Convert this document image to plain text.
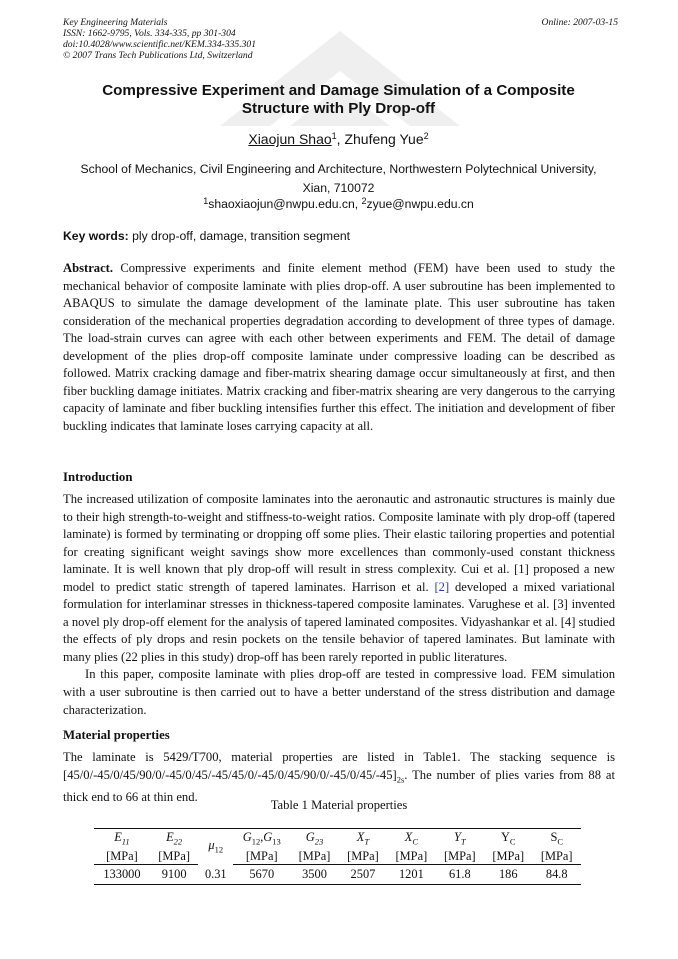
Key Engineering Materials
ISSN: 1662-9795, Vols. 334-335, pp 301-304
doi:10.4028/www.scientific.net/KEM.334-335.301
© 2007 Trans Tech Publications Ltd, Switzerland
Online: 2007-03-15
Compressive Experiment and Damage Simulation of a Composite
Structure with Ply Drop-off
Xiaojun Shao$^1$, Zhufeng Yue$^2$
School of Mechanics, Civil Engineering and Architecture, Northwestern Polytechnical University,
Xian, 710072
$^1$shaoxiaojun@nwpu.edu.cn, $^2$zyue@nwpu.edu.cn
Key words: ply drop-off, damage, transition segment
Abstract. Compressive experiments and finite element method (FEM) have been used to study the mechanical behavior of composite laminate with plies drop-off. A user subroutine has been implemented to ABAQUS to simulate the damage development of the laminate plate. This user subroutine has taken consideration of the mechanical properties degradation according to development of three types of damage. The load-strain curves can agree with each other between experiments and FEM. The detail of damage development of the plies drop-off composite laminate under compressive loading can be described as followed. Matrix cracking damage and fiber-matrix shearing damage occur simultaneously at first, and then fiber buckling damage initiates. Matrix cracking and fiber-matrix shearing are very dangerous to the carrying capacity of laminate and fiber buckling intensifies further this effect. The initiation and development of fiber buckling indicates that laminate loses carrying capacity at all.
Introduction
The increased utilization of composite laminates into the aeronautic and astronautic structures is mainly due to their high strength-to-weight and stiffness-to-weight ratios. Composite laminate with ply drop-off (tapered laminate) is formed by terminating or dropping off some plies. Their elastic tailoring properties and potential for creating significant weight savings show more excellences than commonly-used constant thickness laminate. It is well known that ply drop-off will result in stress complexity. Cui et al. [1] proposed a new model to predict static strength of tapered laminates. Harrison et al. [2] developed a mixed variational formulation for interlaminar stresses in thickness-tapered composite laminates. Varughese et al. [3] invented a novel ply drop-off element for the analysis of tapered laminated composites. Vidyashankar et al. [4] studied the effects of ply drops and resin pockets on the tensile behavior of tapered laminates. But laminate with many plies (22 plies in this study) drop-off has been rarely reported in public literatures.
In this paper, composite laminate with plies drop-off are tested in compressive load. FEM simulation with a user subroutine is then carried out to have a better understand of the stress distribution and damage characterization.
Material properties
The laminate is 5429/T700, material properties are listed in Table1. The stacking sequence is $[45/0/-45/0/45/90/0/-45/0/45/-45/45/0/-45/0/45/90/0/-45/0/45/-45]_{2s}$. The number of plies varies from 88 at thick end to 66 at thin end.
Table 1 Material properties
$E_{11}$	$E_{22}$	$\mu_{12}$	$G_{12},G_{13}$	$G_{23}$	$X_T$	$X_C$	$Y_T$	$Y_C$	$S_C$
[MPa]	[MPa]		[MPa]	[MPa]	[MPa]	[MPa]	[MPa]	[MPa]	[MPa]
133000	9100	0.31	5670	3500	2507	1201	61.8	186	84.8
